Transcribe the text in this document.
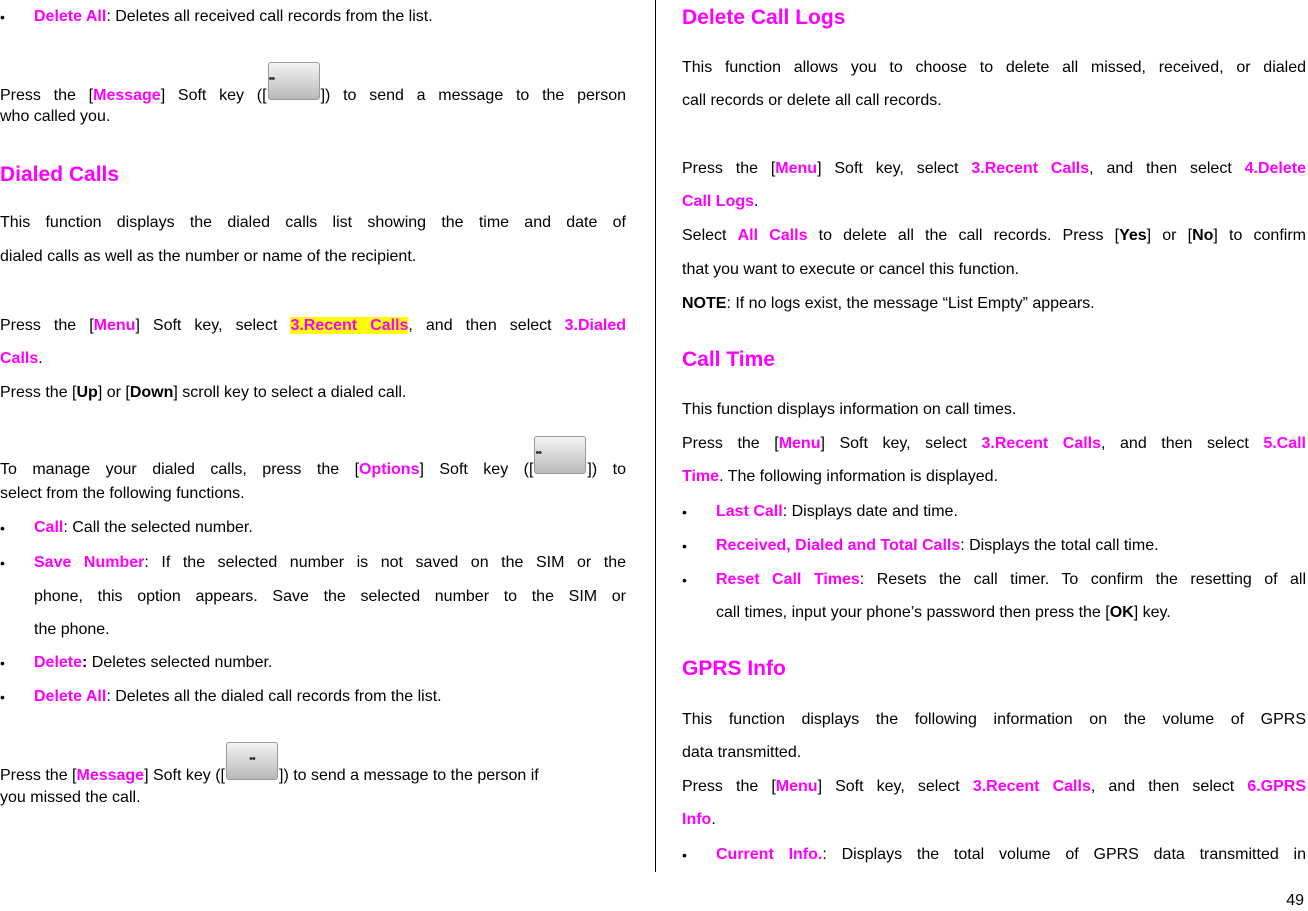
• Delete All: Deletes all received call records from the list.
Press the [Message] Soft key ([ ••	]) to send a message to the person
who called you.
Dialed Calls
This function displays the dialed calls list showing the time and date of
dialed calls as well as the number or name of the recipient.
Press the [Menu] Soft key, select 3.Recent Calls, and then select 3.Dialed
Calls.
Press the [Up] or [Down] scroll key to select a dialed call.
To manage your dialed calls, press the [Options] Soft key ([ ••	]) to
select from the following functions.
• Call: Call the selected number.
Save Number: If the selected number is not saved on the SIM or the
•
phone, this option appears. Save the selected number to the SIM or
the phone.
• Delete: Deletes selected number.
• Delete All: Deletes all the dialed call records from the list.
Press the [Message] Soft key ([ ••	]) to send a message to the person if
you missed the call.
Delete Call Logs
This function allows you to choose to delete all missed, received, or dialed
call records or delete all call records.
Press the [Menu] Soft key, select 3.Recent Calls, and then select 4.Delete
Call Logs.
Select All Calls to delete all the call records. Press [Yes] or [No] to confirm
that you want to execute or cancel this function.
NOTE: If no logs exist, the message “List Empty” appears.
Call Time
This function displays information on call times.
Press the [Menu] Soft key, select 3.Recent Calls, and then select 5.Call
Time. The following information is displayed.
• Last Call: Displays date and time.
• Received, Dialed and Total Calls: Displays the total call time.
• Reset Call Times: Resets the call timer. To confirm the resetting of all
call times, input your phone’s password then press the [OK] key.
GPRS Info
This function displays the following information on the volume of GPRS
data transmitted.
Press the [Menu] Soft key, select 3.Recent Calls, and then select 6.GPRS
Info.
• Current Info.: Displays the total volume of GPRS data transmitted in
49
